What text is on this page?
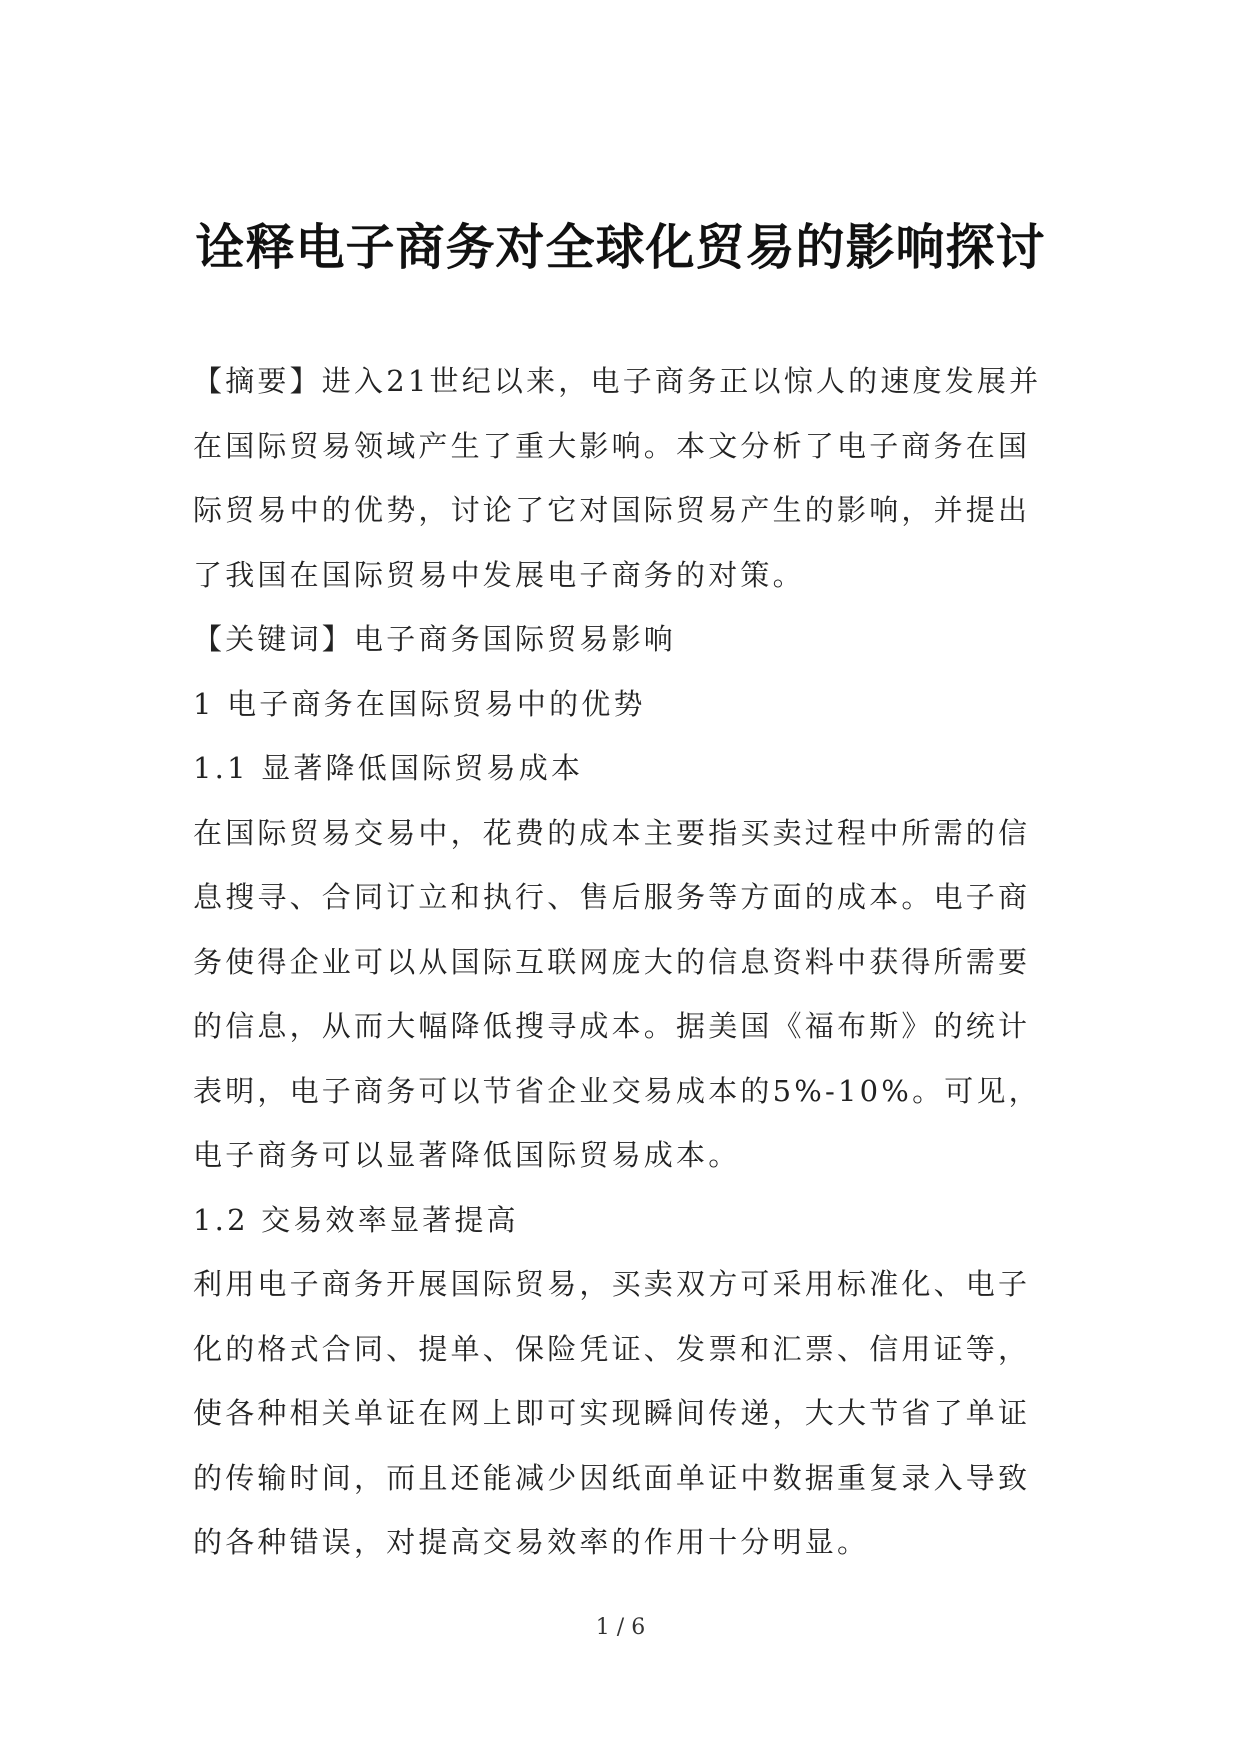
诠释电子商务对全球化贸易的影响探讨

【摘要】进入21世纪以来，电子商务正以惊人的速度发展并在国际贸易领域产生了重大影响。本文分析了电子商务在国际贸易中的优势，讨论了它对国际贸易产生的影响，并提出了我国在国际贸易中发展电子商务的对策。

【关键词】电子商务国际贸易影响

1 电子商务在国际贸易中的优势

1.1 显著降低国际贸易成本

在国际贸易交易中，花费的成本主要指买卖过程中所需的信息搜寻、合同订立和执行、售后服务等方面的成本。电子商务使得企业可以从国际互联网庞大的信息资料中获得所需要的信息，从而大幅降低搜寻成本。据美国《福布斯》的统计表明，电子商务可以节省企业交易成本的5%-10%。可见，电子商务可以显著降低国际贸易成本。

1.2 交易效率显著提高

利用电子商务开展国际贸易，买卖双方可采用标准化、电子化的格式合同、提单、保险凭证、发票和汇票、信用证等，使各种相关单证在网上即可实现瞬间传递，大大节省了单证的传输时间，而且还能减少因纸面单证中数据重复录入导致的各种错误，对提高交易效率的作用十分明显。

1 / 6
